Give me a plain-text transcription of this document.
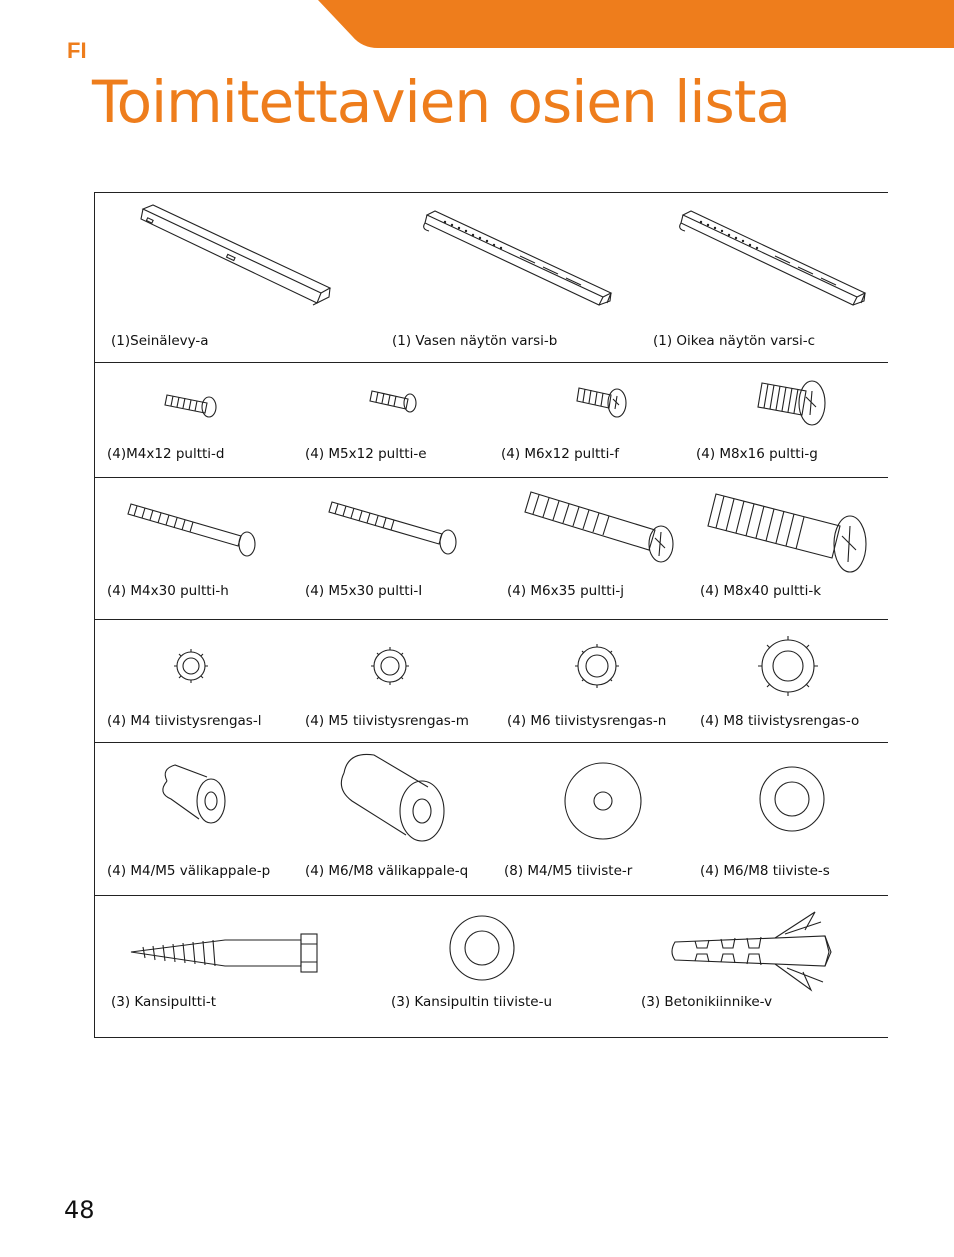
FI
Toimitettavien osien lista
(1)Seinälevy-a	(1) Vasen näytön varsi-b	(1) Oikea näytön varsi-c
(4)M4x12 pultti-d	(4) M5x12 pultti-e	(4) M6x12 pultti-f	(4) M8x16 pultti-g
(4) M4x30 pultti-h	(4) M5x30 pultti-I	(4) M6x35 pultti-j	(4) M8x40 pultti-k
(4) M4 tiivistysrengas-l	(4) M5 tiivistysrengas-m	(4) M6 tiivistysrengas-n	(4) M8 tiivistysrengas-o
(4) M4/M5 välikappale-p	(4) M6/M8 välikappale-q	(8) M4/M5 tiiviste-r	(4) M6/M8 tiiviste-s
(3) Kansipultti-t	(3) Kansipultin tiiviste-u	(3) Betonikiinnike-v
48
